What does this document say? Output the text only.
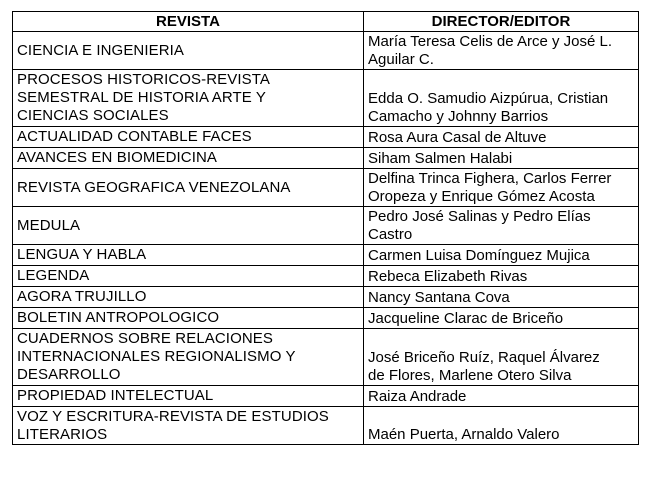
REVISTA	DIRECTOR/EDITOR

CIENCIA E INGENIERIA	María Teresa Celis de Arce y José L.
Aguilar C.

PROCESOS HISTORICOS-REVISTA
SEMESTRAL DE HISTORIA ARTE Y
CIENCIAS SOCIALES	Edda O. Samudio Aizpúrua, Cristian
Camacho y Johnny Barrios

ACTUALIDAD CONTABLE FACES	Rosa Aura Casal de Altuve

AVANCES EN BIOMEDICINA	Siham Salmen Halabi

REVISTA GEOGRAFICA VENEZOLANA	Delfina Trinca Fighera, Carlos Ferrer
Oropeza y Enrique Gómez Acosta

MEDULA	Pedro José Salinas y Pedro Elías
Castro

LENGUA Y HABLA	Carmen Luisa Domínguez Mujica

LEGENDA	Rebeca Elizabeth Rivas

AGORA TRUJILLO	Nancy Santana Cova

BOLETIN ANTROPOLOGICO	Jacqueline Clarac de Briceño

CUADERNOS SOBRE RELACIONES
INTERNACIONALES REGIONALISMO Y
DESARROLLO	José Briceño Ruíz, Raquel Álvarez
de Flores, Marlene Otero Silva

PROPIEDAD INTELECTUAL	Raiza Andrade

VOZ Y ESCRITURA-REVISTA DE ESTUDIOS
LITERARIOS	Maén Puerta, Arnaldo Valero
